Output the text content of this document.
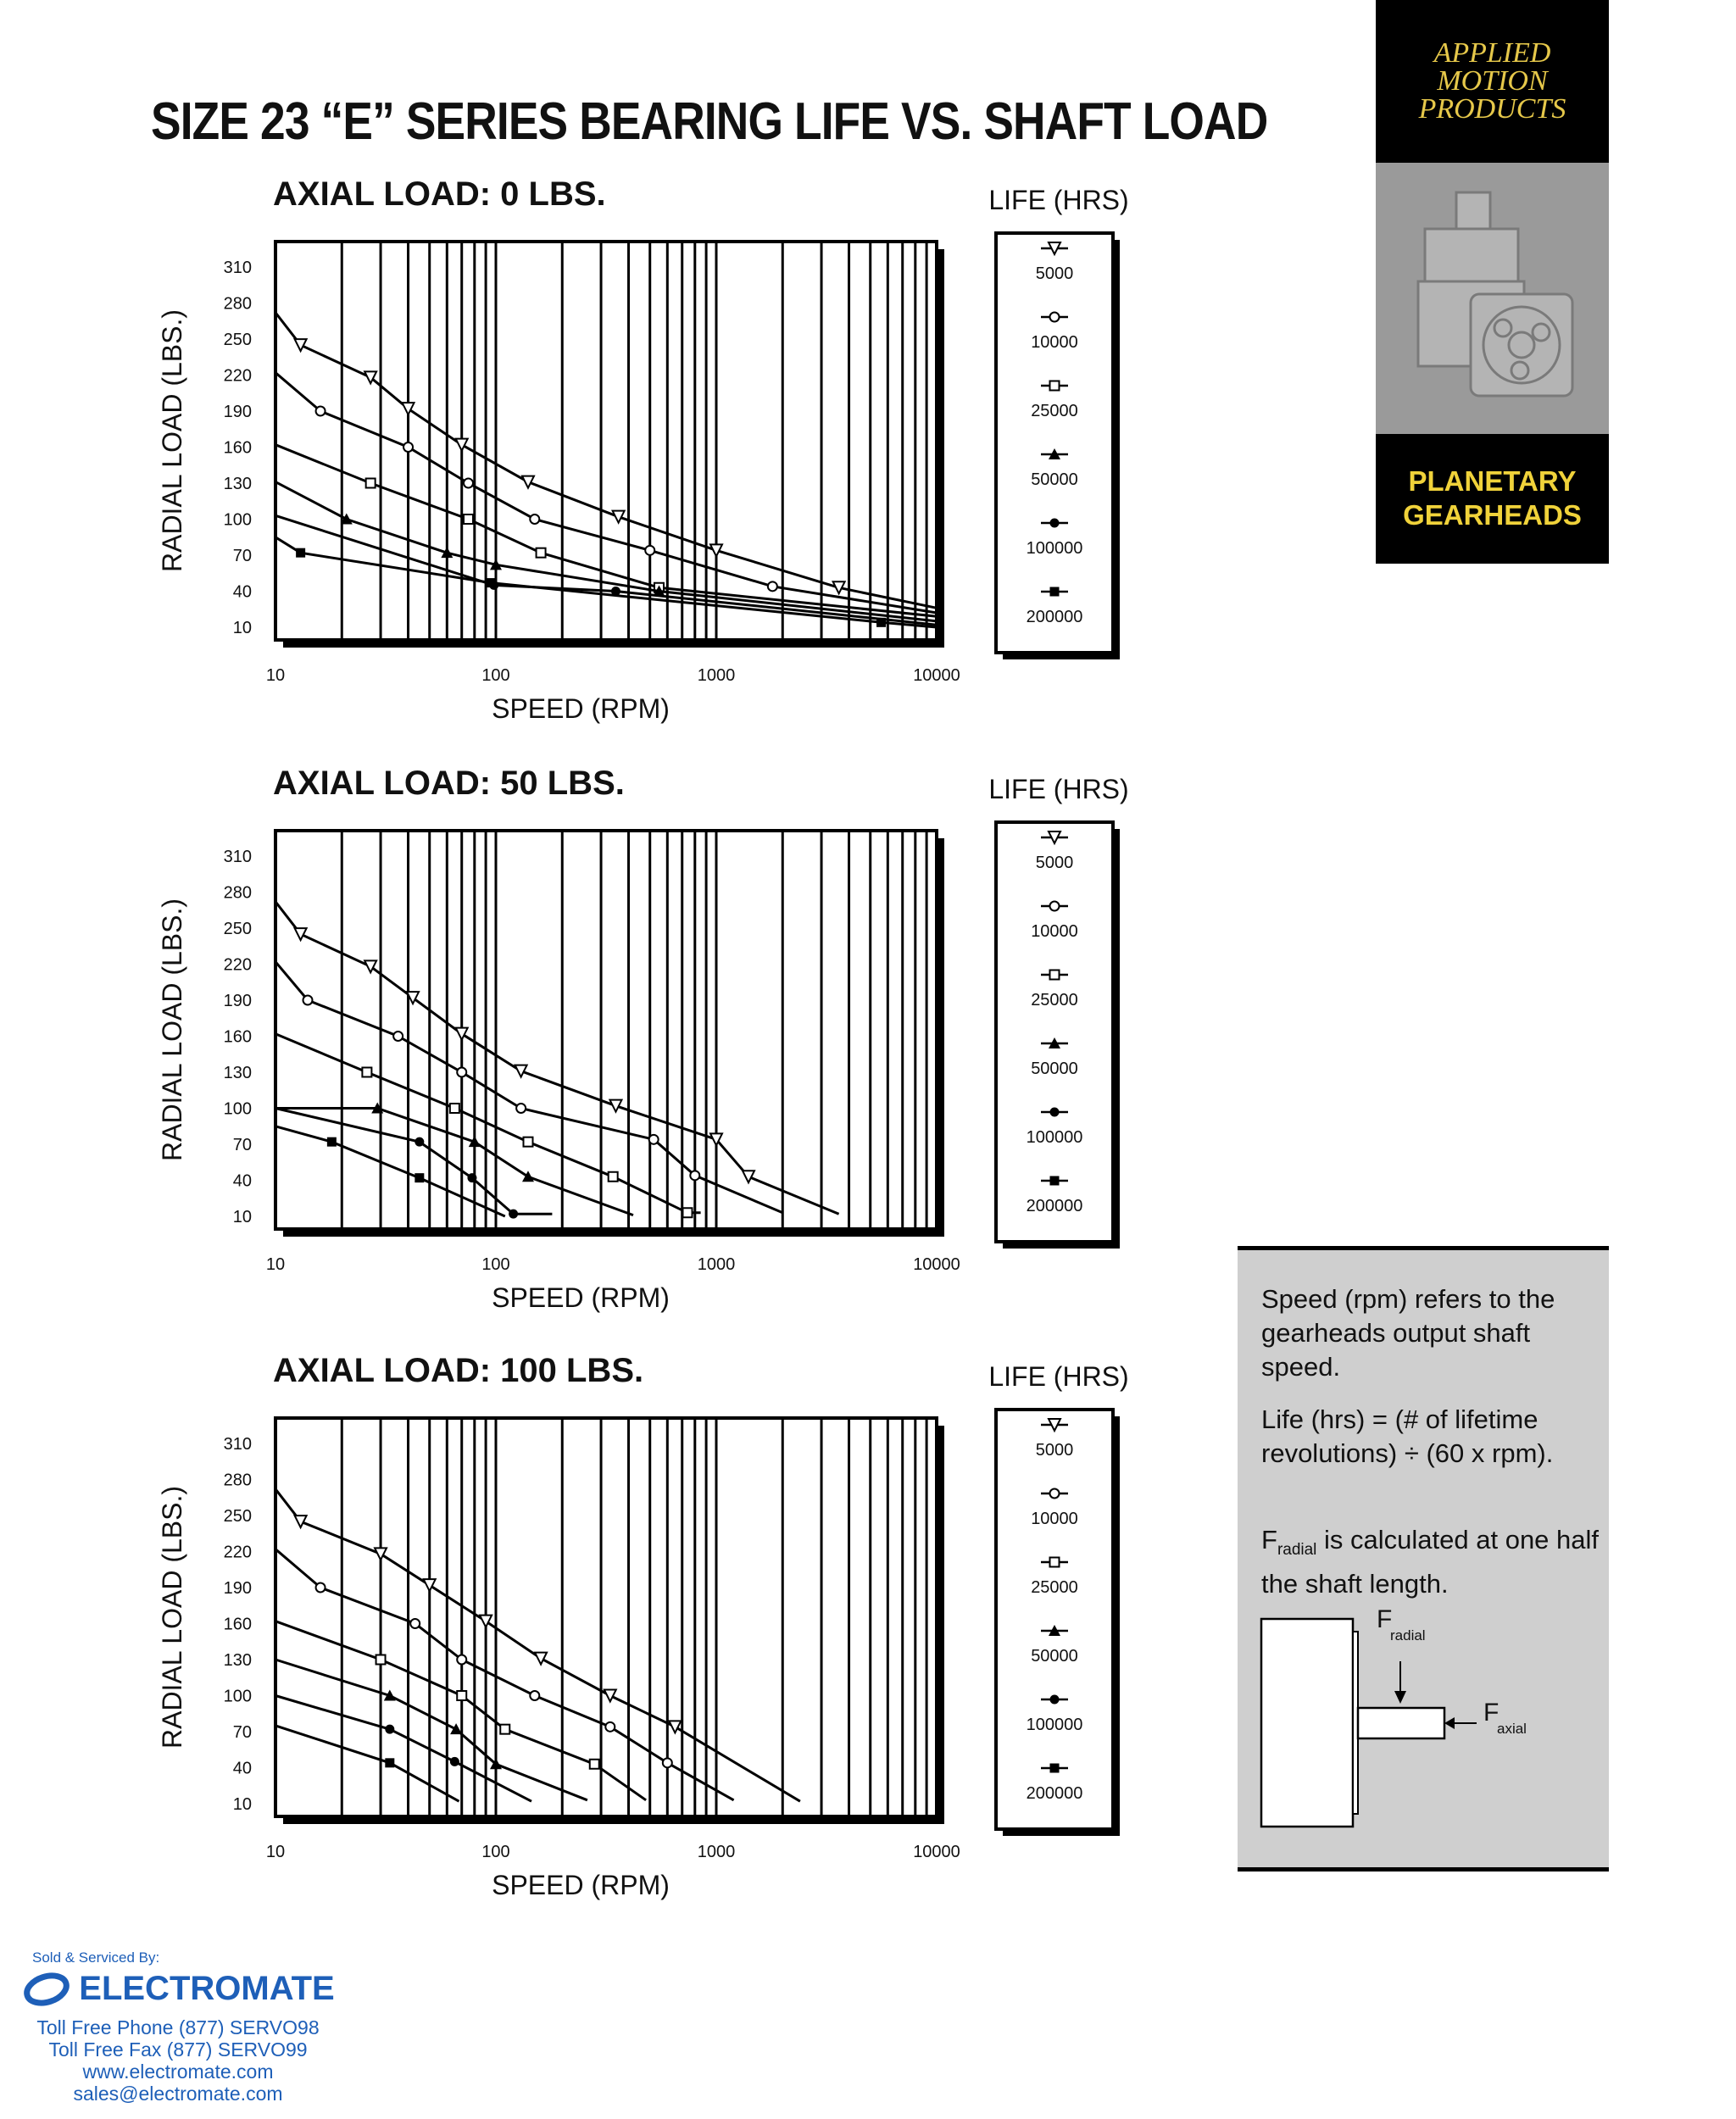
SIZE 23 “E” SERIES BEARING LIFE VS. SHAFT LOAD
APPLIED
MOTION
PRODUCTS
PLANETARY
GEARHEADS
AXIAL LOAD: 0 LBS.
310
280
250
220
190
160
130
100
70
40
10
10	100	1000	10000
SPEED (RPM)
RADIAL LOAD (LBS.)
LIFE (HRS)
5000
10000
25000
50000
100000
200000
AXIAL LOAD: 50 LBS.
310
280
250
220
190
160
130
100
70
40
10
10	100	1000	10000
SPEED (RPM)
RADIAL LOAD (LBS.)
LIFE (HRS)
5000
10000
25000
50000
100000
200000
AXIAL LOAD: 100 LBS.
310
280
250
220
190
160
130
100
70
40
10
10	100	1000	10000
SPEED (RPM)
RADIAL LOAD (LBS.)
LIFE (HRS)
5000
10000
25000
50000
100000
200000
Speed (rpm) refers to the gearheads output shaft speed.
Life (hrs) = (# of lifetime revolutions) ÷ (60 x rpm).
$F_{radial}$ is calculated at one half the shaft length.
F
radial
F
axial
Sold & Serviced By:
ELECTROMATE
Toll Free Phone (877) SERVO98
Toll Free Fax (877) SERVO99
www.electromate.com
sales@electromate.com
